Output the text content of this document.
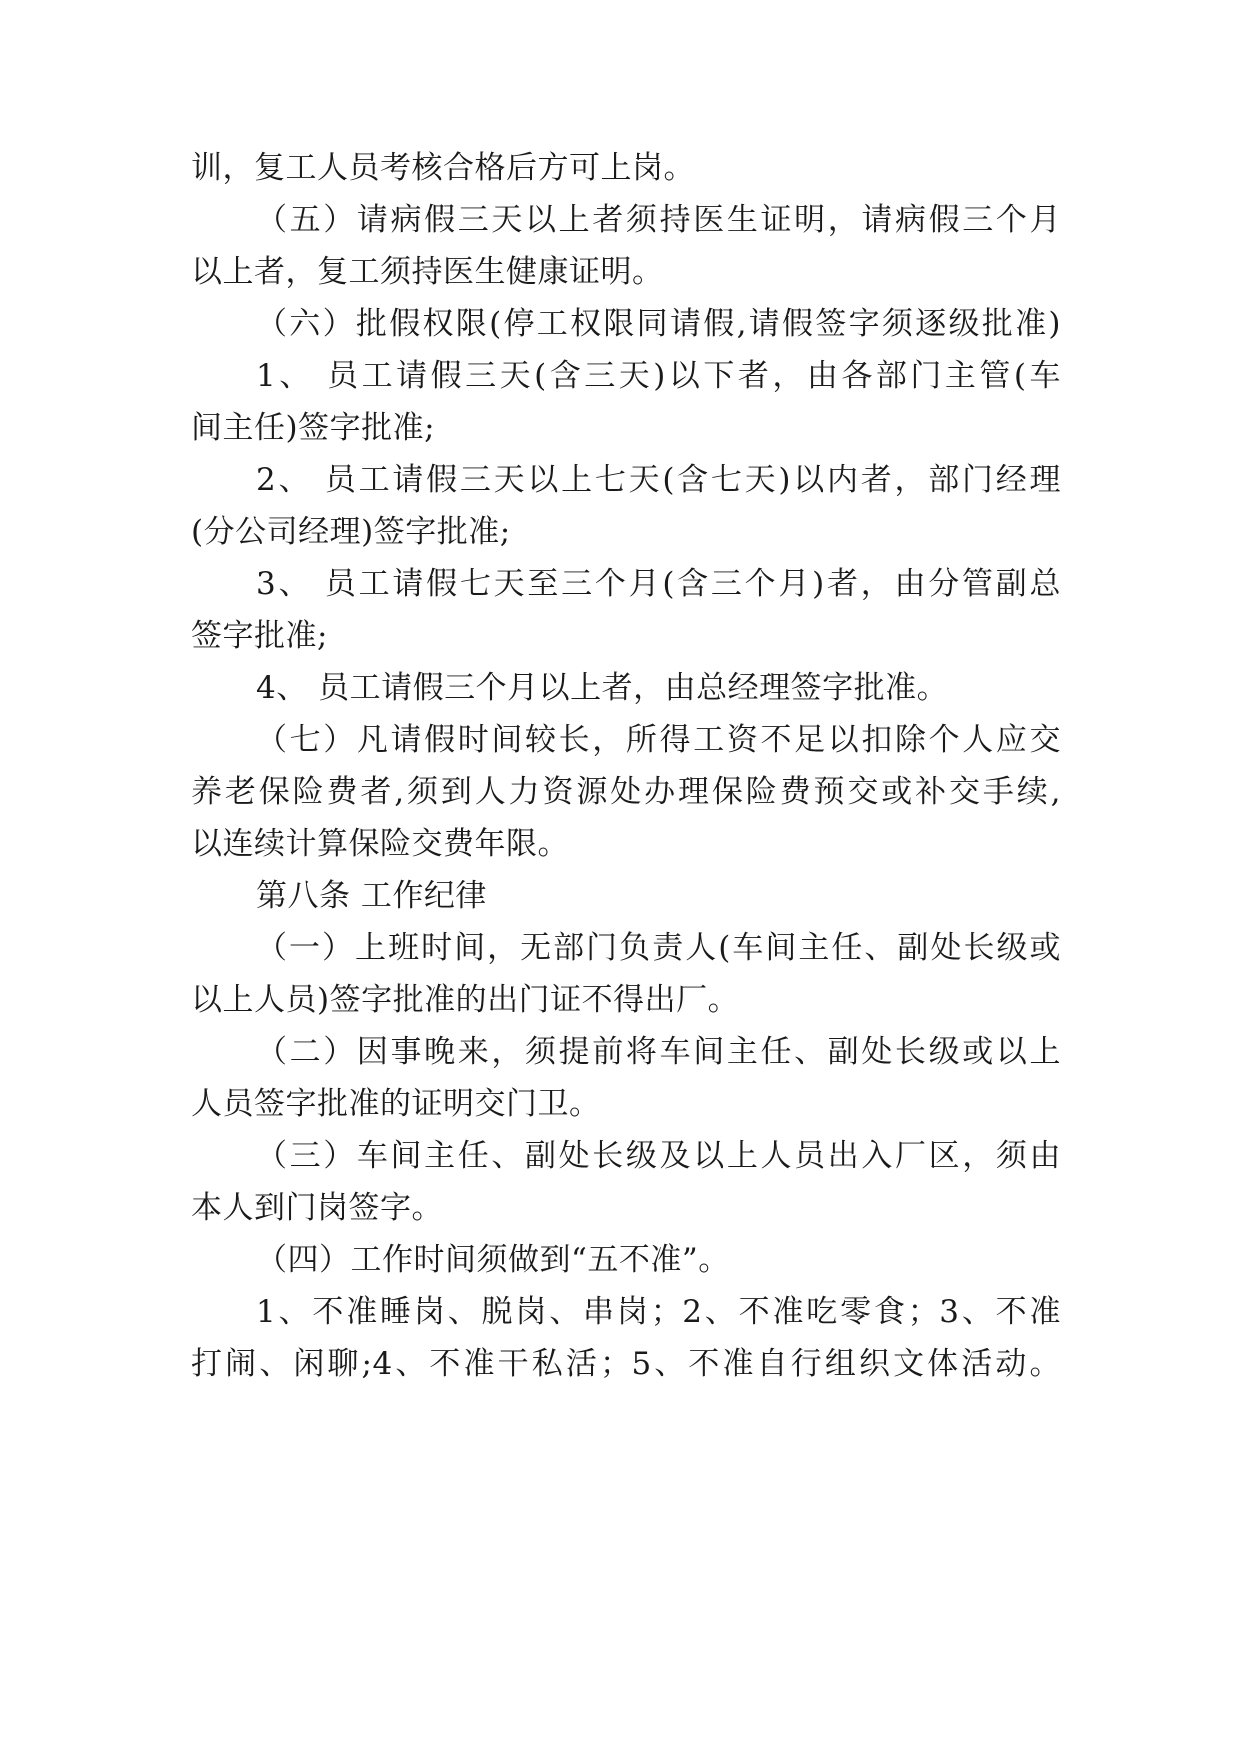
训，复工人员考核合格后方可上岗。
（五）请病假三天以上者须持医生证明，请病假三个月
以上者，复工须持医生健康证明。
（六）批假权限(停工权限同请假,请假签字须逐级批准)
1、 员工请假三天(含三天)以下者，由各部门主管(车
间主任)签字批准;
2、 员工请假三天以上七天(含七天)以内者，部门经理
(分公司经理)签字批准;
3、 员工请假七天至三个月(含三个月)者，由分管副总
签字批准;
4、 员工请假三个月以上者，由总经理签字批准。
（七）凡请假时间较长，所得工资不足以扣除个人应交
养老保险费者,须到人力资源处办理保险费预交或补交手续,
以连续计算保险交费年限。
第八条 工作纪律
（一）上班时间，无部门负责人(车间主任、副处长级或
以上人员)签字批准的出门证不得出厂。
（二）因事晚来，须提前将车间主任、副处长级或以上
人员签字批准的证明交门卫。
（三）车间主任、副处长级及以上人员出入厂区，须由
本人到门岗签字。
（四）工作时间须做到“五不准”。
1、不准睡岗、脱岗、串岗；2、不准吃零食；3、不准
打闹、闲聊;4、不准干私活；5、不准自行组织文体活动。
